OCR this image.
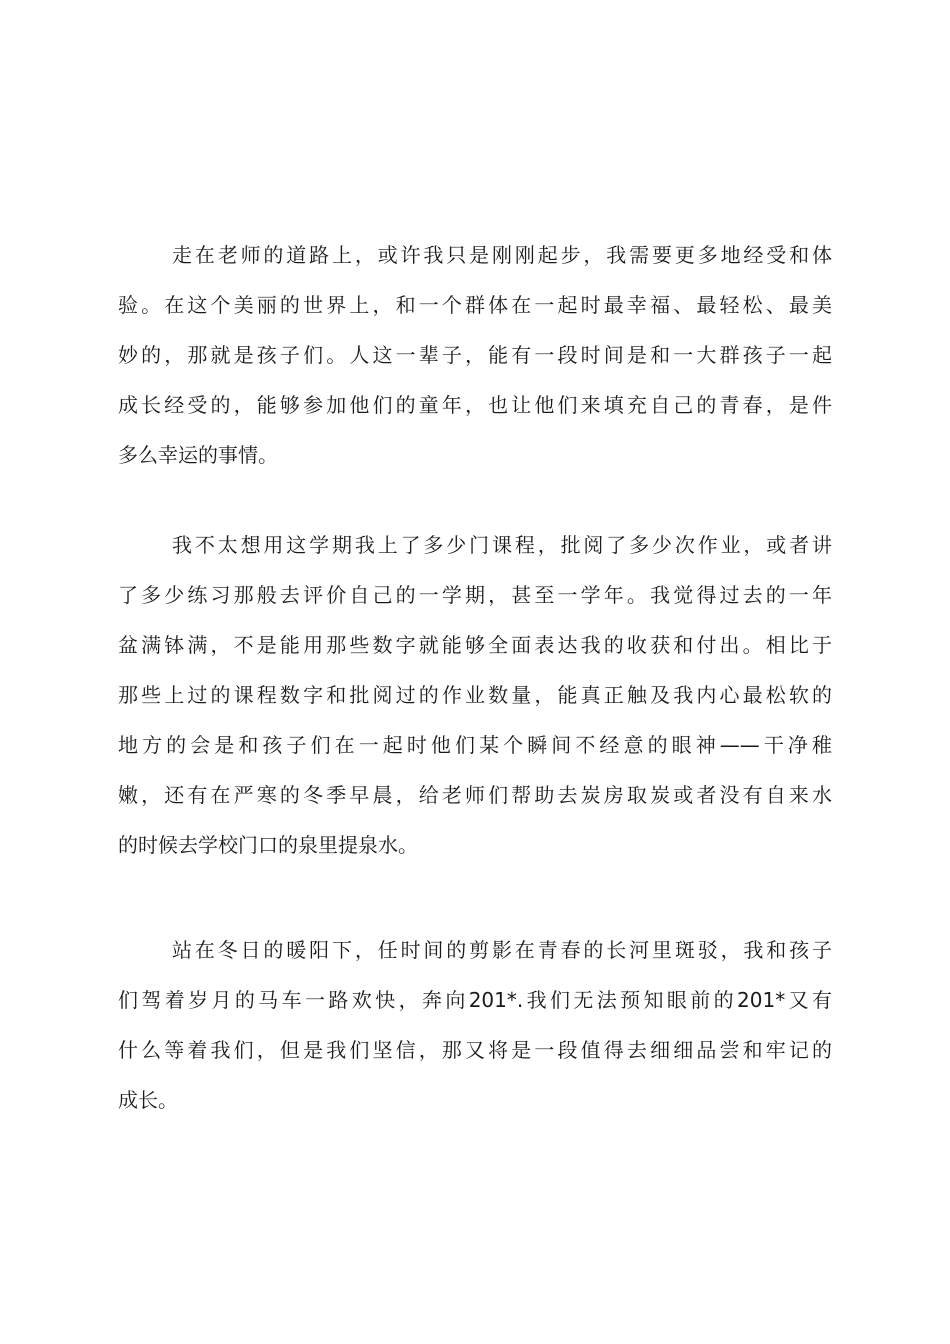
走在老师的道路上，或许我只是刚刚起步，我需要更多地经受和体
验。在这个美丽的世界上，和一个群体在一起时最幸福、最轻松、最美
妙的，那就是孩子们。人这一辈子，能有一段时间是和一大群孩子一起
成长经受的，能够参加他们的童年，也让他们来填充自己的青春，是件
多么幸运的事情。
我不太想用这学期我上了多少门课程，批阅了多少次作业，或者讲
了多少练习那般去评价自己的一学期，甚至一学年。我觉得过去的一年
盆满钵满，不是能用那些数字就能够全面表达我的收获和付出。相比于
那些上过的课程数字和批阅过的作业数量，能真正触及我内心最松软的
地方的会是和孩子们在一起时他们某个瞬间不经意的眼神——干净稚
嫩，还有在严寒的冬季早晨，给老师们帮助去炭房取炭或者没有自来水
的时候去学校门口的泉里提泉水。
站在冬日的暖阳下，任时间的剪影在青春的长河里斑驳，我和孩子
们驾着岁月的马车一路欢快，奔向201*.我们无法预知眼前的201*又有
什么等着我们，但是我们坚信，那又将是一段值得去细细品尝和牢记的
成长。
